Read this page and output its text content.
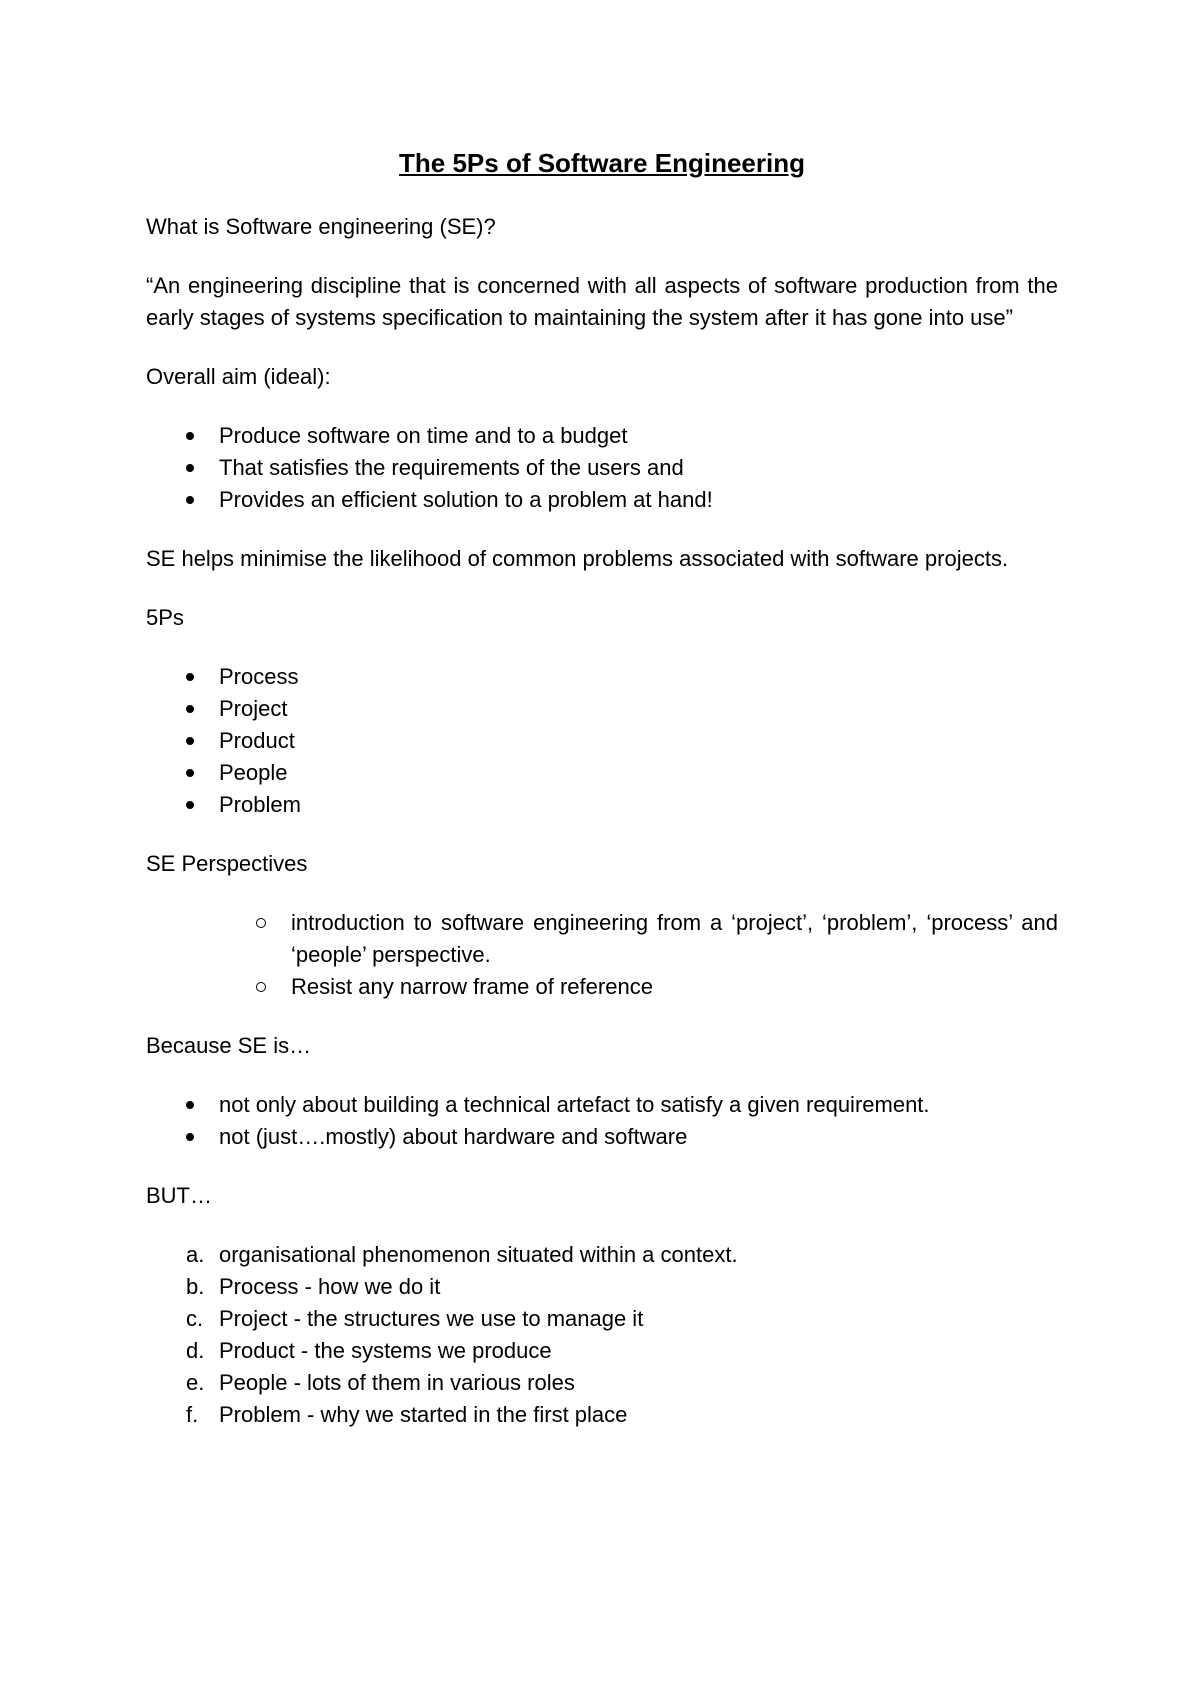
The 5Ps of Software Engineering

What is Software engineering (SE)?

“An engineering discipline that is concerned with all aspects of software production from the early stages of systems specification to maintaining the system after it has gone into use”

Overall aim (ideal):

Produce software on time and to a budget
That satisfies the requirements of the users and
Provides an efficient solution to a problem at hand!

SE helps minimise the likelihood of common problems associated with software projects.

5Ps

Process
Project
Product
People
Problem

SE Perspectives

introduction to software engineering from a ‘project’, ‘problem’, ‘process’ and ‘people’ perspective.
Resist any narrow frame of reference

Because SE is…

not only about building a technical artefact to satisfy a given requirement.
not (just….mostly) about hardware and software

BUT…

a. organisational phenomenon situated within a context.
b. Process - how we do it
c. Project - the structures we use to manage it
d. Product - the systems we produce
e. People - lots of them in various roles
f. Problem - why we started in the first place
